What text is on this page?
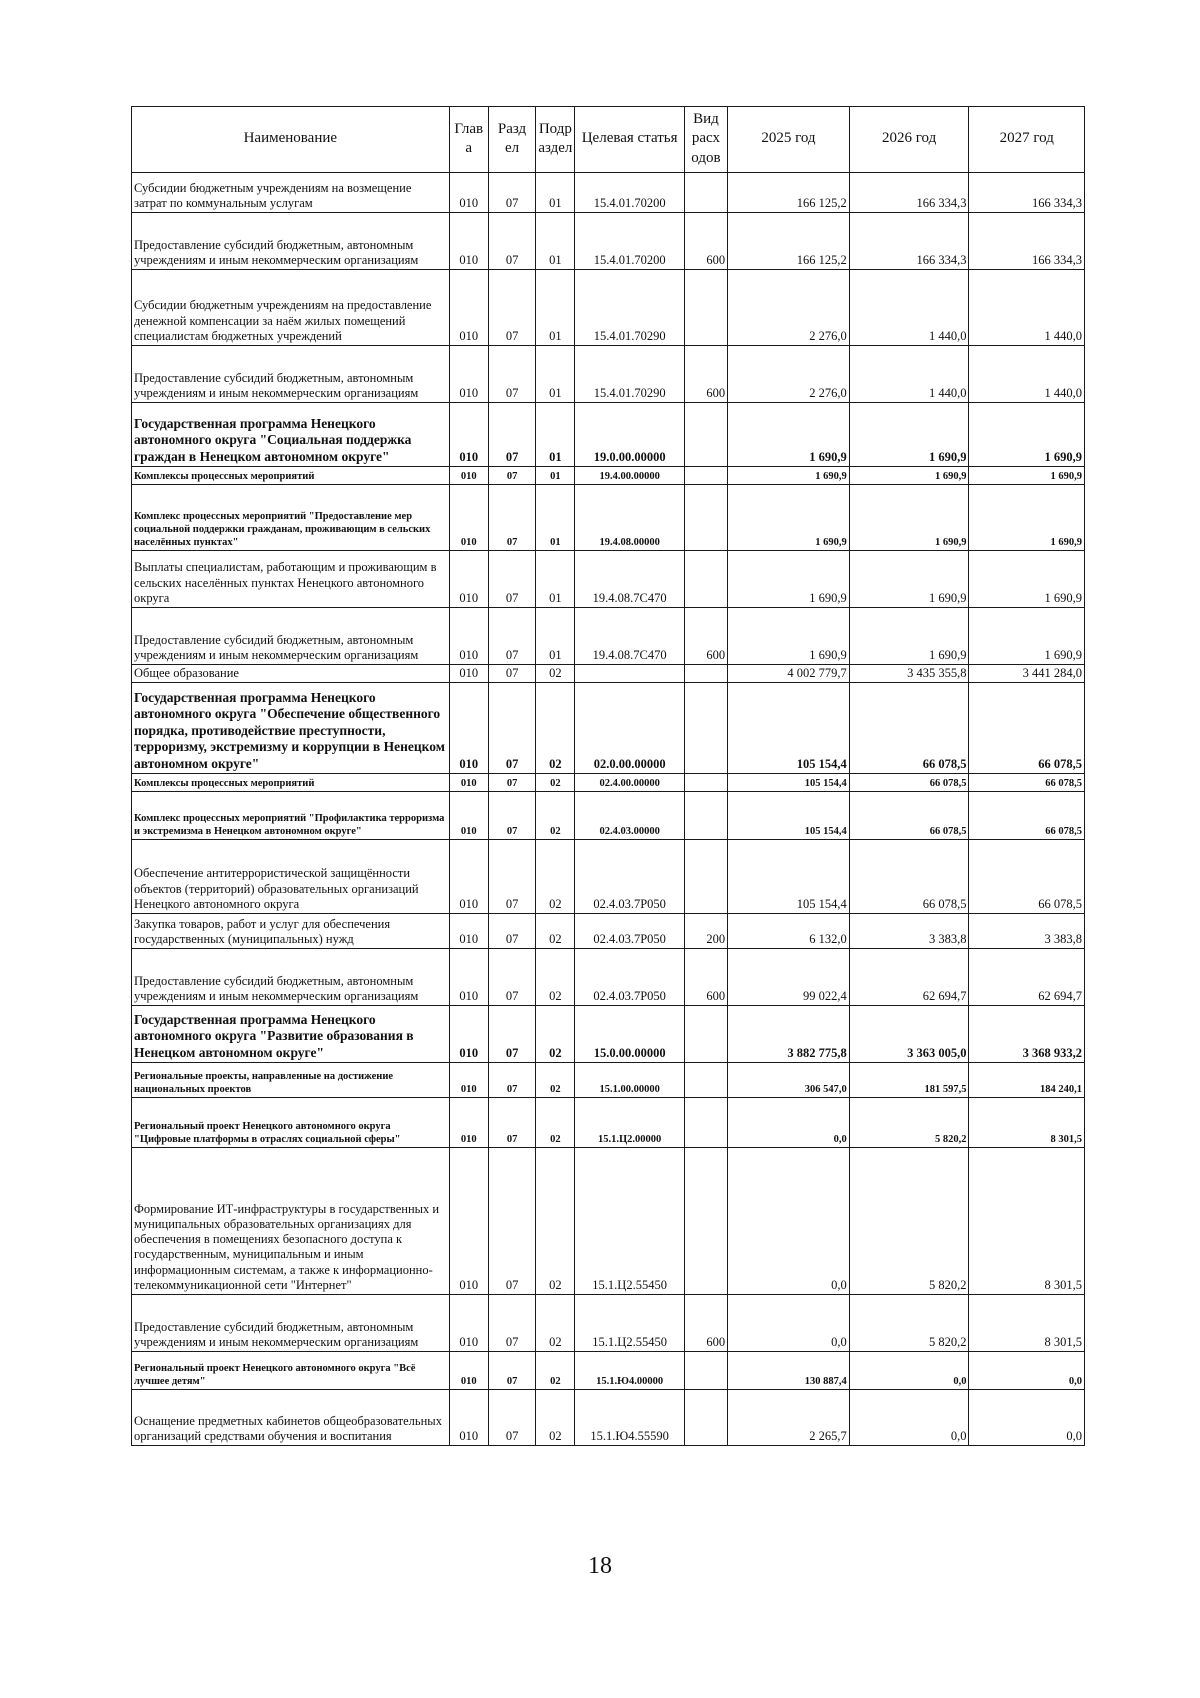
Наименование	Глав а	Разд ел	Подр аздел	Целевая статья	Вид расх одов	2025 год	2026 год	2027 год
Субсидии бюджетным учреждениям на возмещение затрат по коммунальным услугам	010	07	01	15.4.01.70200		166 125,2	166 334,3	166 334,3
Предоставление субсидий бюджетным, автономным учреждениям и иным некоммерческим организациям	010	07	01	15.4.01.70200	600	166 125,2	166 334,3	166 334,3
Субсидии бюджетным учреждениям на предоставление денежной компенсации за наём жилых помещений специалистам бюджетных учреждений	010	07	01	15.4.01.70290		2 276,0	1 440,0	1 440,0
Предоставление субсидий бюджетным, автономным учреждениям и иным некоммерческим организациям	010	07	01	15.4.01.70290	600	2 276,0	1 440,0	1 440,0
Государственная программа Ненецкого автономного округа "Социальная поддержка граждан в Ненецком автономном округе"	010	07	01	19.0.00.00000		1 690,9	1 690,9	1 690,9
Комплексы процессных мероприятий	010	07	01	19.4.00.00000		1 690,9	1 690,9	1 690,9
Комплекс процессных мероприятий "Предоставление мер социальной поддержки гражданам, проживающим в сельских населённых пунктах"	010	07	01	19.4.08.00000		1 690,9	1 690,9	1 690,9
Выплаты специалистам, работающим и проживающим в сельских населённых пунктах Ненецкого автономного округа	010	07	01	19.4.08.7С470		1 690,9	1 690,9	1 690,9
Предоставление субсидий бюджетным, автономным учреждениям и иным некоммерческим организациям	010	07	01	19.4.08.7С470	600	1 690,9	1 690,9	1 690,9
Общее образование	010	07	02			4 002 779,7	3 435 355,8	3 441 284,0
Государственная программа Ненецкого автономного округа "Обеспечение общественного порядка, противодействие преступности, терроризму, экстремизму и коррупции в Ненецком автономном округе"	010	07	02	02.0.00.00000		105 154,4	66 078,5	66 078,5
Комплексы процессных мероприятий	010	07	02	02.4.00.00000		105 154,4	66 078,5	66 078,5
Комплекс процессных мероприятий "Профилактика терроризма и экстремизма в Ненецком автономном округе"	010	07	02	02.4.03.00000		105 154,4	66 078,5	66 078,5
Обеспечение антитеррористической защищённости объектов (территорий) образовательных организаций Ненецкого автономного округа	010	07	02	02.4.03.7Р050		105 154,4	66 078,5	66 078,5
Закупка товаров, работ и услуг для обеспечения государственных (муниципальных) нужд	010	07	02	02.4.03.7Р050	200	6 132,0	3 383,8	3 383,8
Предоставление субсидий бюджетным, автономным учреждениям и иным некоммерческим организациям	010	07	02	02.4.03.7Р050	600	99 022,4	62 694,7	62 694,7
Государственная программа Ненецкого автономного округа "Развитие образования в Ненецком автономном округе"	010	07	02	15.0.00.00000		3 882 775,8	3 363 005,0	3 368 933,2
Региональные проекты, направленные на достижение национальных проектов	010	07	02	15.1.00.00000		306 547,0	181 597,5	184 240,1
Региональный проект Ненецкого автономного округа "Цифровые платформы в отраслях социальной сферы"	010	07	02	15.1.Ц2.00000		0,0	5 820,2	8 301,5
Формирование ИТ-инфраструктуры в государственных и муниципальных образовательных организациях для обеспечения в помещениях безопасного доступа к государственным, муниципальным и иным информационным системам, а также к информационно-телекоммуникационной сети "Интернет"	010	07	02	15.1.Ц2.55450		0,0	5 820,2	8 301,5
Предоставление субсидий бюджетным, автономным учреждениям и иным некоммерческим организациям	010	07	02	15.1.Ц2.55450	600	0,0	5 820,2	8 301,5
Региональный проект Ненецкого автономного округа "Всё лучшее детям"	010	07	02	15.1.Ю4.00000		130 887,4	0,0	0,0
Оснащение предметных кабинетов общеобразовательных организаций средствами обучения и воспитания	010	07	02	15.1.Ю4.55590		2 265,7	0,0	0,0
18
